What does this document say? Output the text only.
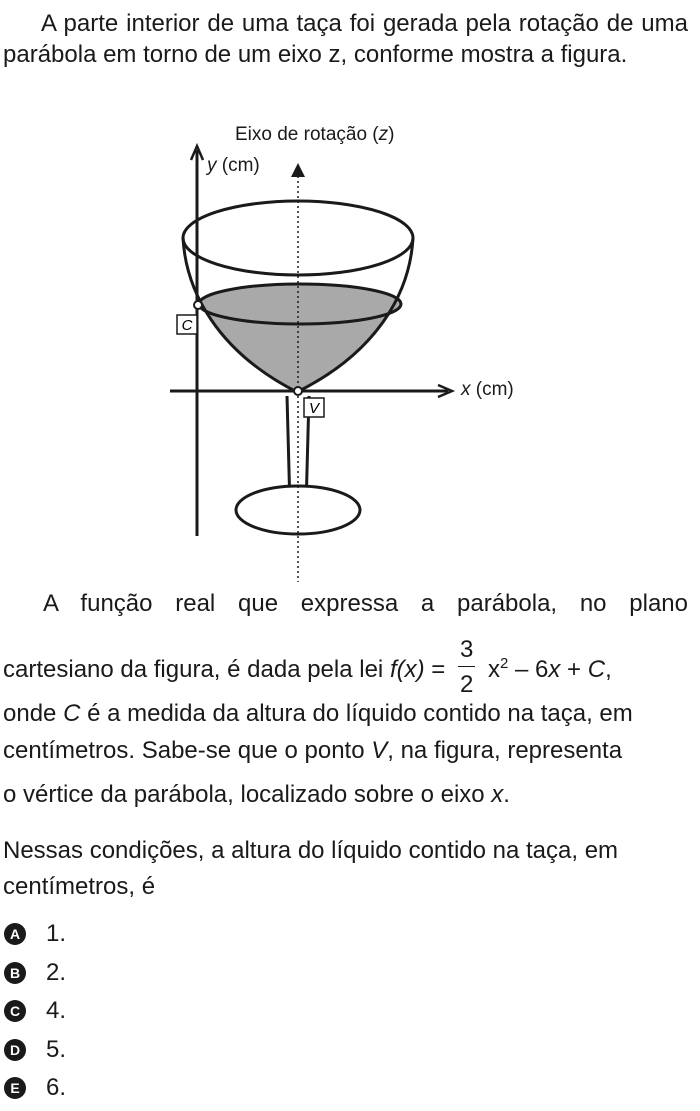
A parte interior de uma taça foi gerada pela rotação de uma parábola em torno de um eixo z, conforme mostra a figura.
C
V
Eixo de rotação (z)
y (cm)
x (cm)
A função real que expressa a parábola, no plano
cartesiano da figura, é dada pela lei $f(x) = \frac{3}{2} x^2 - 6x + C$,
onde C é a medida da altura do líquido contido na taça, em
centímetros. Sabe-se que o ponto V, na figura, representa
o vértice da parábola, localizado sobre o eixo x.
Nessas condições, a altura do líquido contido na taça, em centímetros, é
A 1.
B 2.
C 4.
D 5.
E 6.
